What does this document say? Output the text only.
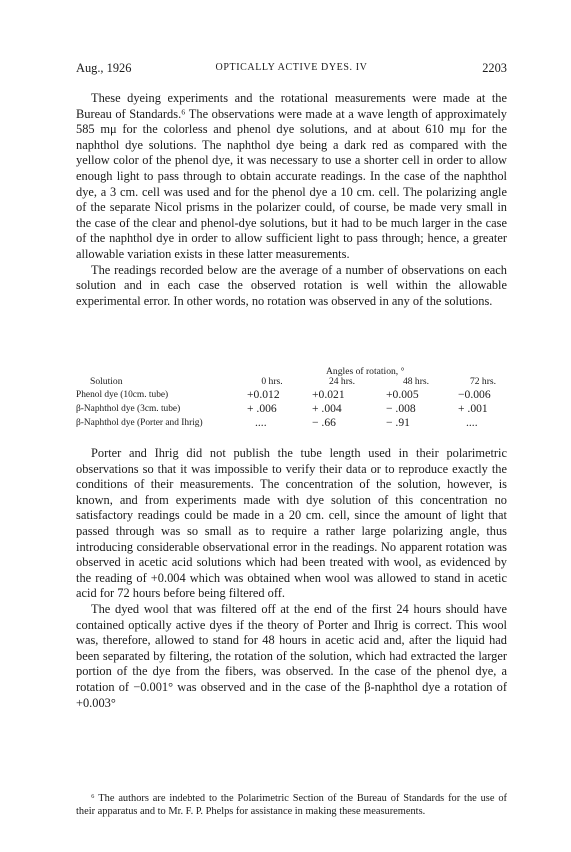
Aug., 1926	OPTICALLY ACTIVE DYES. IV	2203

These dyeing experiments and the rotational measurements were made at the Bureau of Standards.⁶ The observations were made at a wave length of approximately 585 mμ for the colorless and phenol dye solutions, and at about 610 mμ for the naphthol dye solutions. The naphthol dye being a dark red as compared with the yellow color of the phenol dye, it was necessary to use a shorter cell in order to allow enough light to pass through to obtain accurate readings. In the case of the naphthol dye, a 3 cm. cell was used and for the phenol dye a 10 cm. cell. The polarizing angle of the separate Nicol prisms in the polarizer could, of course, be made very small in the case of the clear and phenol-dye solutions, but it had to be much larger in the case of the naphthol dye in order to allow sufficient light to pass through; hence, a greater allowable variation exists in these latter measurements.

The readings recorded below are the average of a number of observations on each solution and in each case the observed rotation is well within the allowable experimental error. In other words, no rotation was observed in any of the solutions.

Angles of rotation, °
Solution	0 hrs.	24 hrs.	48 hrs.	72 hrs.
Phenol dye (10cm. tube)	+0.012	+0.021	+0.005	−0.006
β-Naphthol dye (3cm. tube)	+ .006	+ .004	− .008	+ .001
β-Naphthol dye (Porter and Ihrig)	....	− .66	− .91	....

Porter and Ihrig did not publish the tube length used in their polarimetric observations so that it was impossible to verify their data or to reproduce exactly the conditions of their measurements. The concentration of the solution, however, is known, and from experiments made with dye solution of this concentration no satisfactory readings could be made in a 20 cm. cell, since the amount of light that passed through was so small as to require a rather large polarizing angle, thus introducing considerable observational error in the readings. No apparent rotation was observed in acetic acid solutions which had been treated with wool, as evidenced by the reading of +0.004 which was obtained when wool was allowed to stand in acetic acid for 72 hours before being filtered off.

The dyed wool that was filtered off at the end of the first 24 hours should have contained optically active dyes if the theory of Porter and Ihrig is correct. This wool was, therefore, allowed to stand for 48 hours in acetic acid and, after the liquid had been separated by filtering, the rotation of the solution, which had extracted the larger portion of the dye from the fibers, was observed. In the case of the phenol dye, a rotation of −0.001° was observed and in the case of the β-naphthol dye a rotation of +0.003°

⁶ The authors are indebted to the Polarimetric Section of the Bureau of Standards for the use of their apparatus and to Mr. F. P. Phelps for assistance in making these measurements.
